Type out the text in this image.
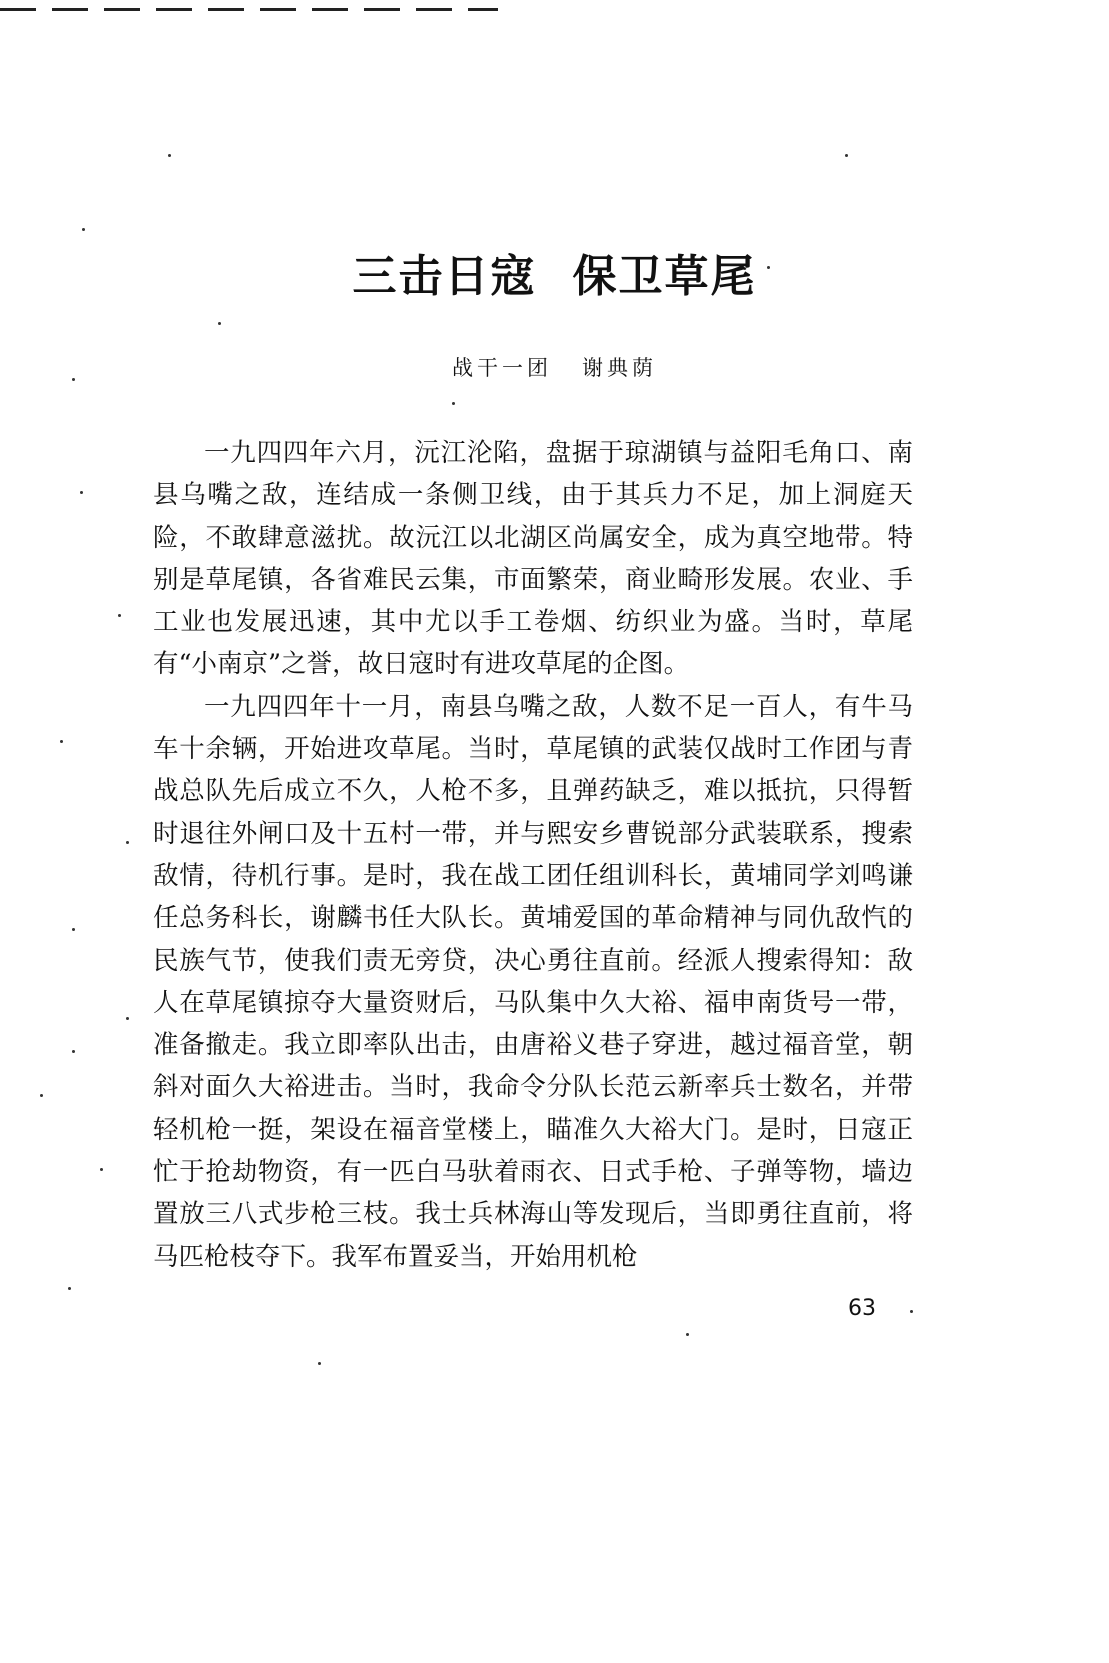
三击日寇 保卫草尾
战干一团 谢典荫

一九四四年六月，沅江沦陷，盘据于琼湖镇与益阳毛角口、南县乌嘴之敌，连结成一条侧卫线，由于其兵力不足，加上洞庭天险，不敢肆意滋扰。故沅江以北湖区尚属安全，成为真空地带。特别是草尾镇，各省难民云集，市面繁荣，商业畸形发展。农业、手工业也发展迅速，其中尤以手工卷烟、纺织业为盛。当时，草尾有“小南京”之誉，故日寇时有进攻草尾的企图。

一九四四年十一月，南县乌嘴之敌，人数不足一百人，有牛马车十余辆，开始进攻草尾。当时，草尾镇的武装仅战时工作团与青战总队先后成立不久，人枪不多，且弹药缺乏，难以抵抗，只得暂时退往外闸口及十五村一带，并与熙安乡曹锐部分武装联系，搜索敌情，待机行事。是时，我在战工团任组训科长，黄埔同学刘鸣谦任总务科长，谢麟书任大队长。黄埔爱国的革命精神与同仇敌忾的民族气节，使我们责无旁贷，决心勇往直前。经派人搜索得知：敌人在草尾镇掠夺大量资财后，马队集中久大裕、福申南货号一带，准备撤走。我立即率队出击，由唐裕义巷子穿进，越过福音堂，朝斜对面久大裕进击。当时，我命令分队长范云新率兵士数名，并带轻机枪一挺，架设在福音堂楼上，瞄准久大裕大门。是时，日寇正忙于抢劫物资，有一匹白马驮着雨衣、日式手枪、子弹等物，墙边置放三八式步枪三枝。我士兵林海山等发现后，当即勇往直前，将马匹枪枝夺下。我军布置妥当，开始用机枪

63
